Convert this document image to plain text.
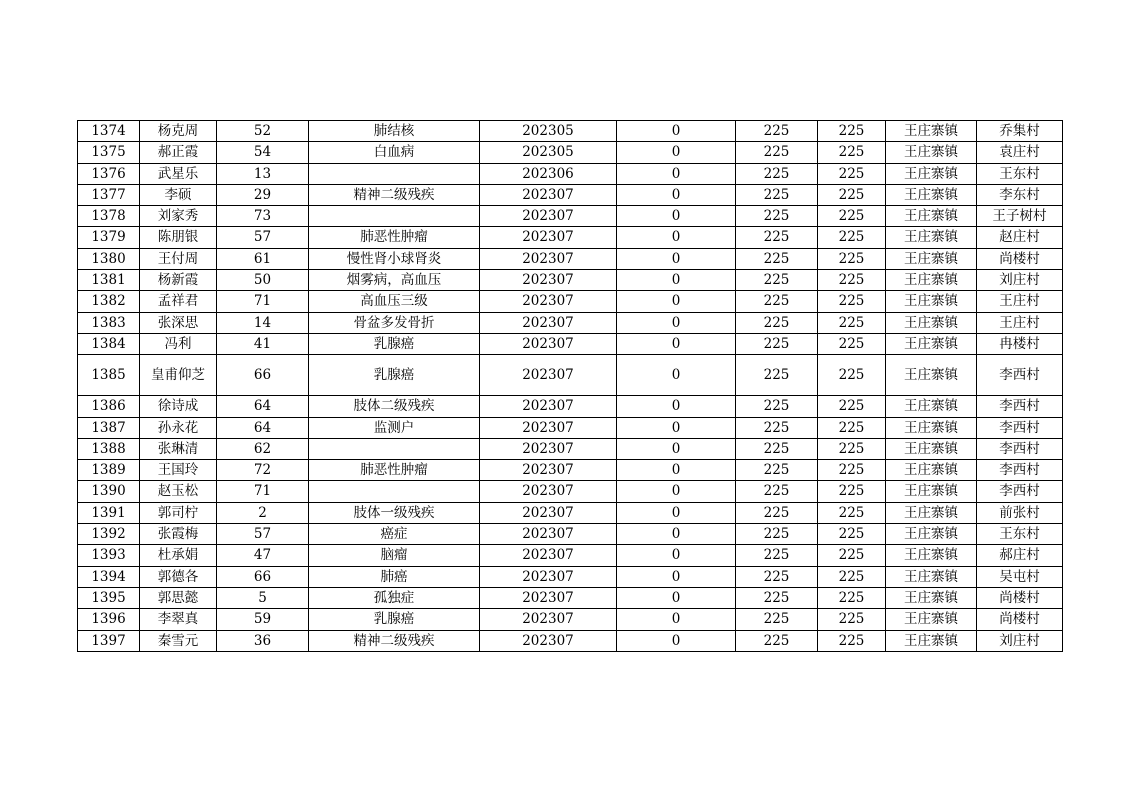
1374	杨克周	52	肺结核	202305	0	225	225	王庄寨镇	乔集村
1375	郝正霞	54	白血病	202305	0	225	225	王庄寨镇	袁庄村
1376	武星乐	13		202306	0	225	225	王庄寨镇	王东村
1377	李硕	29	精神二级残疾	202307	0	225	225	王庄寨镇	李东村
1378	刘家秀	73		202307	0	225	225	王庄寨镇	王子树村
1379	陈朋银	57	肺恶性肿瘤	202307	0	225	225	王庄寨镇	赵庄村
1380	王付周	61	慢性肾小球肾炎	202307	0	225	225	王庄寨镇	尚楼村
1381	杨新霞	50	烟雾病，高血压	202307	0	225	225	王庄寨镇	刘庄村
1382	孟祥君	71	高血压三级	202307	0	225	225	王庄寨镇	王庄村
1383	张深思	14	骨盆多发骨折	202307	0	225	225	王庄寨镇	王庄村
1384	冯利	41	乳腺癌	202307	0	225	225	王庄寨镇	冉楼村
1385	皇甫仰芝	66	乳腺癌	202307	0	225	225	王庄寨镇	李西村
1386	徐诗成	64	肢体二级残疾	202307	0	225	225	王庄寨镇	李西村
1387	孙永花	64	监测户	202307	0	225	225	王庄寨镇	李西村
1388	张琳清	62		202307	0	225	225	王庄寨镇	李西村
1389	王国玲	72	肺恶性肿瘤	202307	0	225	225	王庄寨镇	李西村
1390	赵玉松	71		202307	0	225	225	王庄寨镇	李西村
1391	郭司柠	2	肢体一级残疾	202307	0	225	225	王庄寨镇	前张村
1392	张霞梅	57	癌症	202307	0	225	225	王庄寨镇	王东村
1393	杜承娟	47	脑瘤	202307	0	225	225	王庄寨镇	郝庄村
1394	郭德各	66	肺癌	202307	0	225	225	王庄寨镇	吴屯村
1395	郭思懿	5	孤独症	202307	0	225	225	王庄寨镇	尚楼村
1396	李翠真	59	乳腺癌	202307	0	225	225	王庄寨镇	尚楼村
1397	秦雪元	36	精神二级残疾	202307	0	225	225	王庄寨镇	刘庄村
